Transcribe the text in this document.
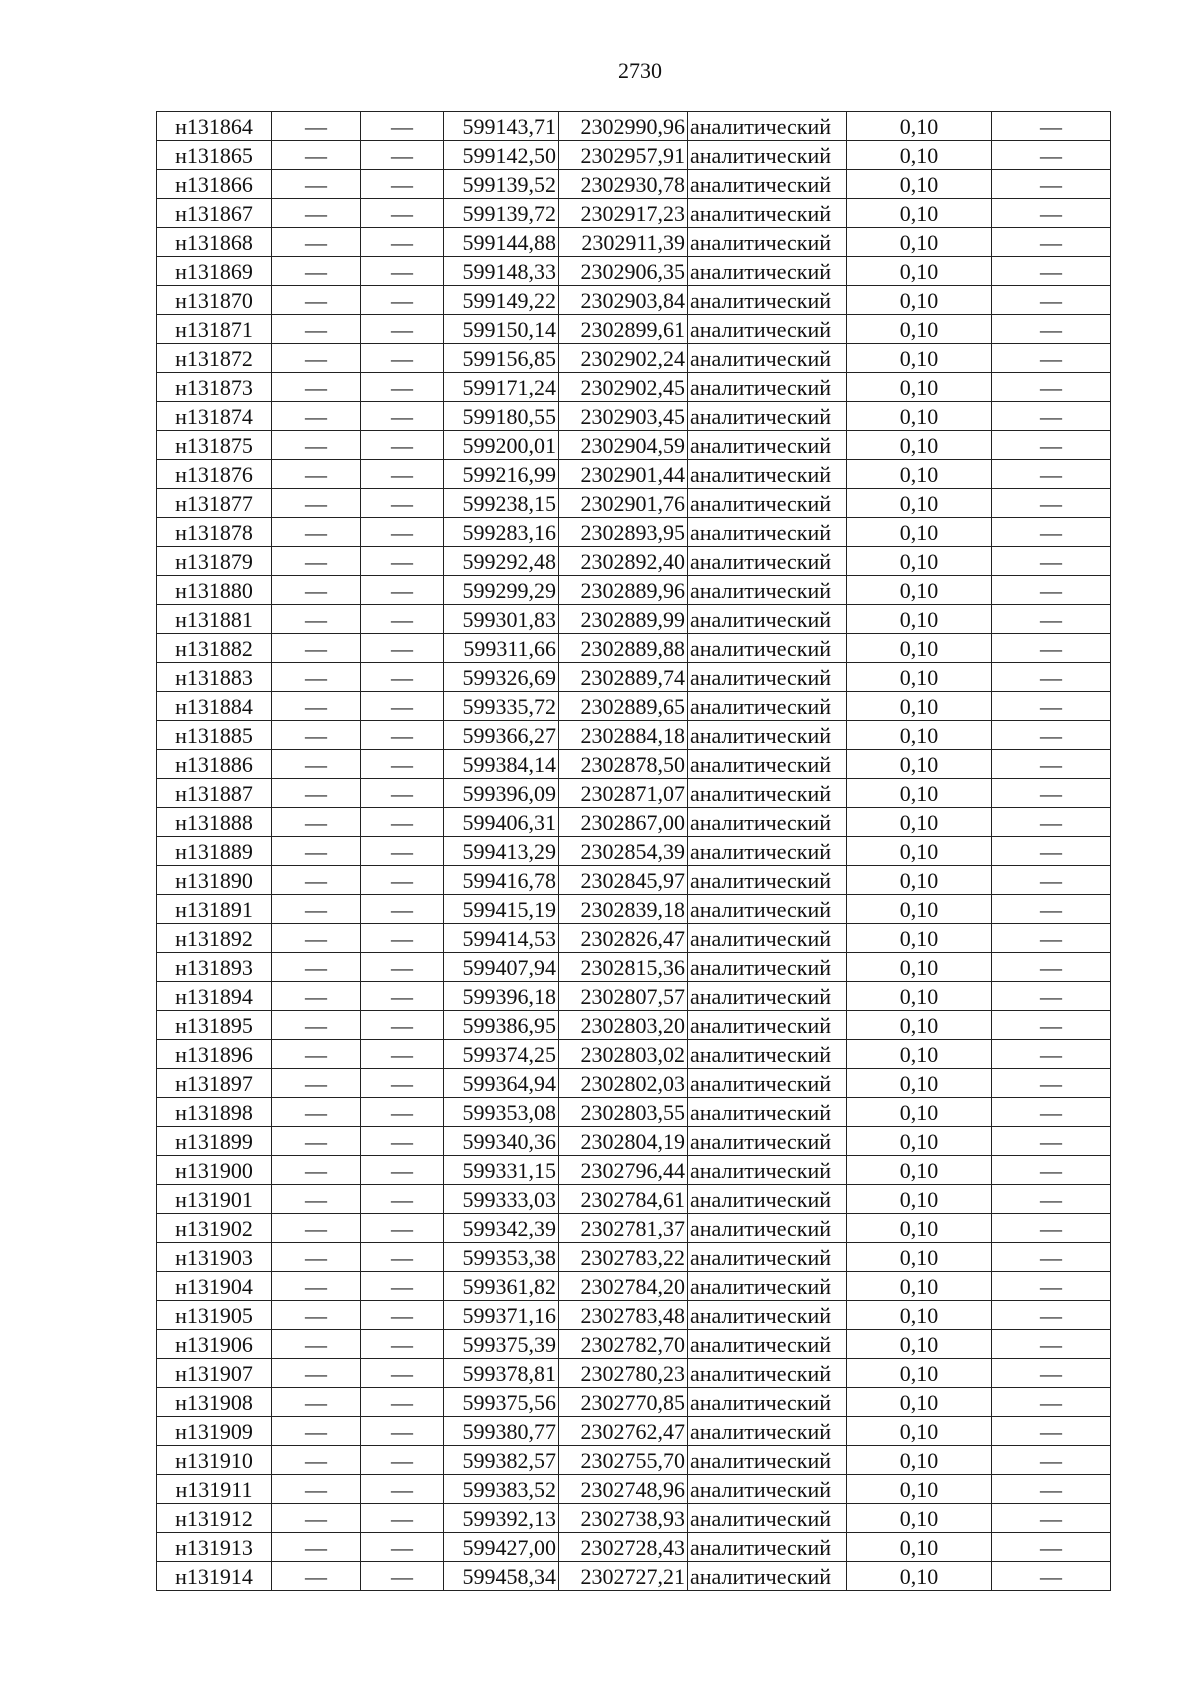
2730
н131864	—	—	599143,71	2302990,96	аналитический	0,10	—
н131865	—	—	599142,50	2302957,91	аналитический	0,10	—
н131866	—	—	599139,52	2302930,78	аналитический	0,10	—
н131867	—	—	599139,72	2302917,23	аналитический	0,10	—
н131868	—	—	599144,88	2302911,39	аналитический	0,10	—
н131869	—	—	599148,33	2302906,35	аналитический	0,10	—
н131870	—	—	599149,22	2302903,84	аналитический	0,10	—
н131871	—	—	599150,14	2302899,61	аналитический	0,10	—
н131872	—	—	599156,85	2302902,24	аналитический	0,10	—
н131873	—	—	599171,24	2302902,45	аналитический	0,10	—
н131874	—	—	599180,55	2302903,45	аналитический	0,10	—
н131875	—	—	599200,01	2302904,59	аналитический	0,10	—
н131876	—	—	599216,99	2302901,44	аналитический	0,10	—
н131877	—	—	599238,15	2302901,76	аналитический	0,10	—
н131878	—	—	599283,16	2302893,95	аналитический	0,10	—
н131879	—	—	599292,48	2302892,40	аналитический	0,10	—
н131880	—	—	599299,29	2302889,96	аналитический	0,10	—
н131881	—	—	599301,83	2302889,99	аналитический	0,10	—
н131882	—	—	599311,66	2302889,88	аналитический	0,10	—
н131883	—	—	599326,69	2302889,74	аналитический	0,10	—
н131884	—	—	599335,72	2302889,65	аналитический	0,10	—
н131885	—	—	599366,27	2302884,18	аналитический	0,10	—
н131886	—	—	599384,14	2302878,50	аналитический	0,10	—
н131887	—	—	599396,09	2302871,07	аналитический	0,10	—
н131888	—	—	599406,31	2302867,00	аналитический	0,10	—
н131889	—	—	599413,29	2302854,39	аналитический	0,10	—
н131890	—	—	599416,78	2302845,97	аналитический	0,10	—
н131891	—	—	599415,19	2302839,18	аналитический	0,10	—
н131892	—	—	599414,53	2302826,47	аналитический	0,10	—
н131893	—	—	599407,94	2302815,36	аналитический	0,10	—
н131894	—	—	599396,18	2302807,57	аналитический	0,10	—
н131895	—	—	599386,95	2302803,20	аналитический	0,10	—
н131896	—	—	599374,25	2302803,02	аналитический	0,10	—
н131897	—	—	599364,94	2302802,03	аналитический	0,10	—
н131898	—	—	599353,08	2302803,55	аналитический	0,10	—
н131899	—	—	599340,36	2302804,19	аналитический	0,10	—
н131900	—	—	599331,15	2302796,44	аналитический	0,10	—
н131901	—	—	599333,03	2302784,61	аналитический	0,10	—
н131902	—	—	599342,39	2302781,37	аналитический	0,10	—
н131903	—	—	599353,38	2302783,22	аналитический	0,10	—
н131904	—	—	599361,82	2302784,20	аналитический	0,10	—
н131905	—	—	599371,16	2302783,48	аналитический	0,10	—
н131906	—	—	599375,39	2302782,70	аналитический	0,10	—
н131907	—	—	599378,81	2302780,23	аналитический	0,10	—
н131908	—	—	599375,56	2302770,85	аналитический	0,10	—
н131909	—	—	599380,77	2302762,47	аналитический	0,10	—
н131910	—	—	599382,57	2302755,70	аналитический	0,10	—
н131911	—	—	599383,52	2302748,96	аналитический	0,10	—
н131912	—	—	599392,13	2302738,93	аналитический	0,10	—
н131913	—	—	599427,00	2302728,43	аналитический	0,10	—
н131914	—	—	599458,34	2302727,21	аналитический	0,10	—
